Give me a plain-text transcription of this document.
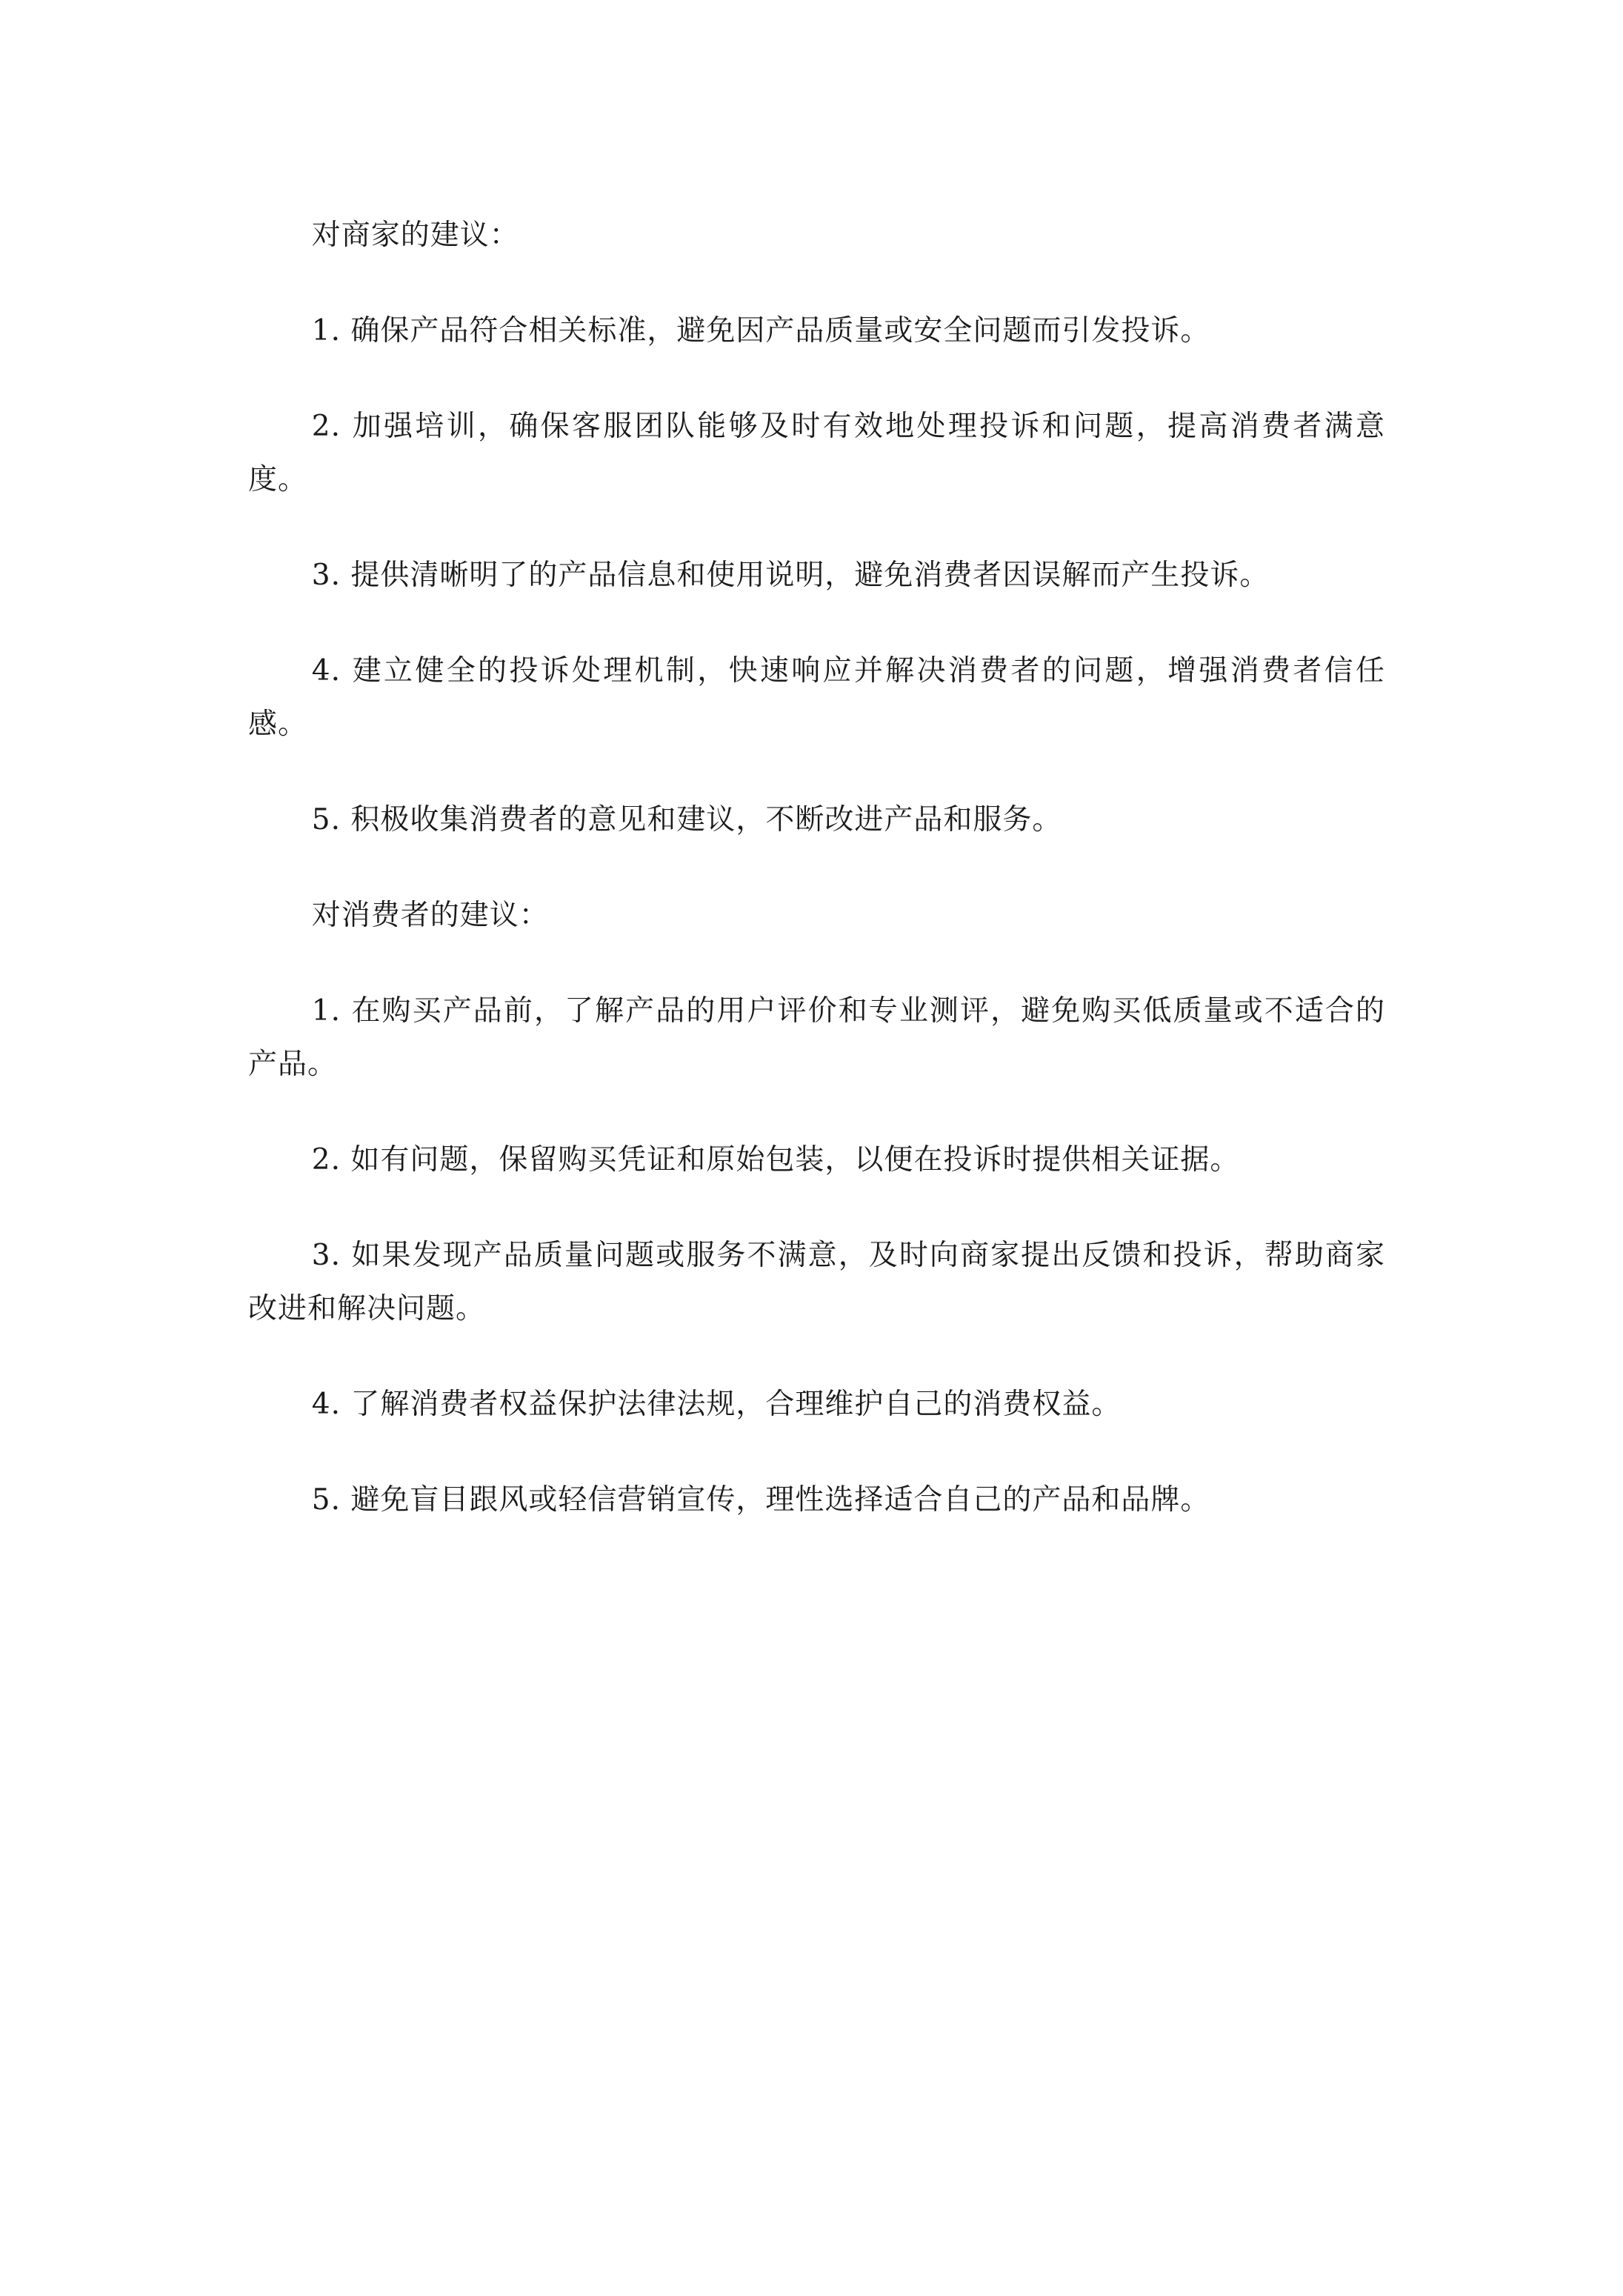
对商家的建议：

1. 确保产品符合相关标准，避免因产品质量或安全问题而引发投诉。

2. 加强培训，确保客服团队能够及时有效地处理投诉和问题，提高消费者满意度。

3. 提供清晰明了的产品信息和使用说明，避免消费者因误解而产生投诉。

4. 建立健全的投诉处理机制，快速响应并解决消费者的问题，增强消费者信任感。

5. 积极收集消费者的意见和建议，不断改进产品和服务。

对消费者的建议：

1. 在购买产品前，了解产品的用户评价和专业测评，避免购买低质量或不适合的产品。

2. 如有问题，保留购买凭证和原始包装，以便在投诉时提供相关证据。

3. 如果发现产品质量问题或服务不满意，及时向商家提出反馈和投诉，帮助商家改进和解决问题。

4. 了解消费者权益保护法律法规，合理维护自己的消费权益。

5. 避免盲目跟风或轻信营销宣传，理性选择适合自己的产品和品牌。
